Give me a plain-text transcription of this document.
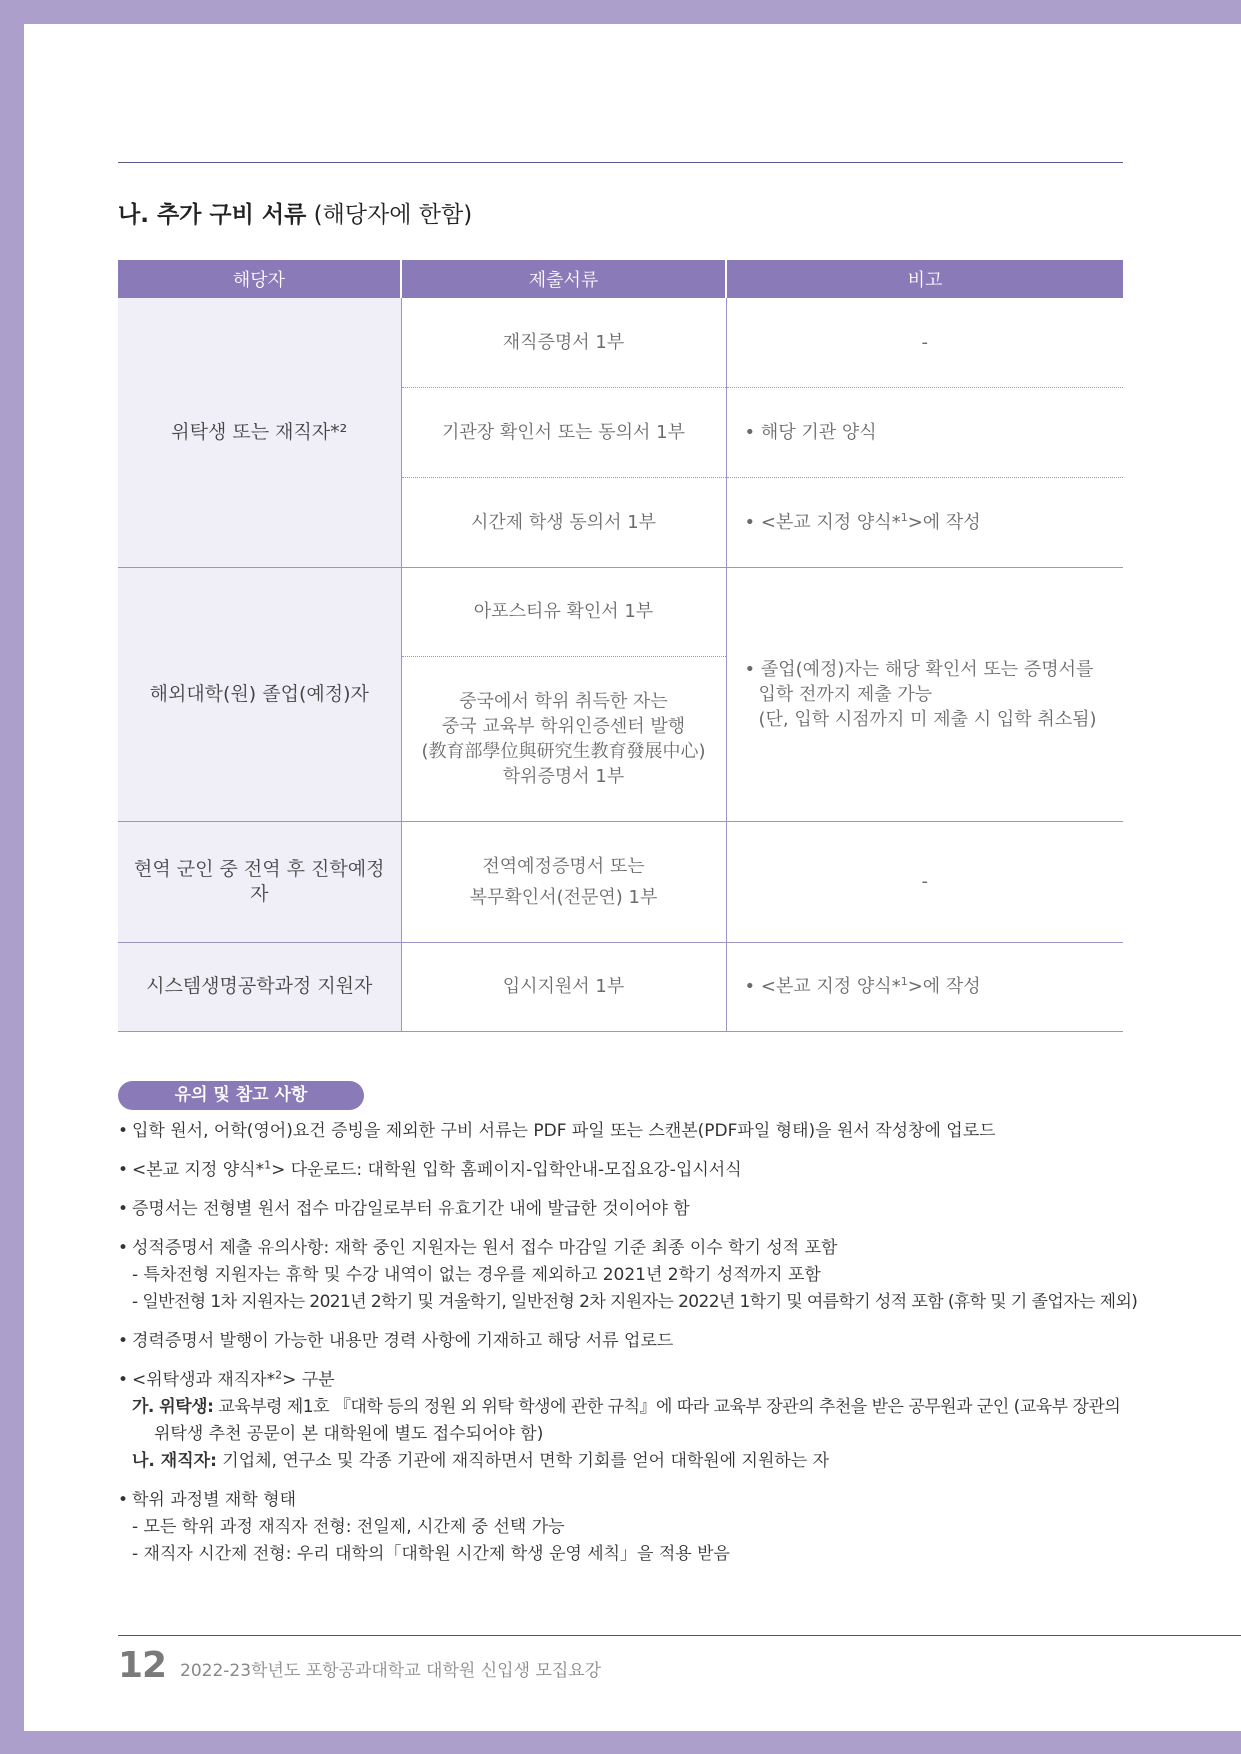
나. 추가 구비 서류 (해당자에 한함)
해당자	제출서류	비고
위탁생 또는 재직자*²	재직증명서 1부	-
	기관장 확인서 또는 동의서 1부	• 해당 기관 양식
	시간제 학생 동의서 1부	• <본교 지정 양식*$^1$>에 작성
해외대학(원) 졸업(예정)자	아포스티유 확인서 1부	• 졸업(예정)자는 해당 확인서 또는 증명서를
입학 전까지 제출 가능
(단, 입학 시점까지 미 제출 시 입학 취소됨)

	중국에서 학위 취득한 자는
중국 교육부 학위인증센터 발행
(教育部學位與研究生教育發展中心)
학위증명서 1부	

현역 군인 중 전역 후 진학예정자	전역예정증명서 또는
복무확인서(전문연) 1부	-
시스템생명공학과정 지원자	입시지원서 1부	• <본교 지정 양식*$^1$>에 작성
유의 및 참고 사항
• 입학 원서, 어학(영어)요건 증빙을 제외한 구비 서류는 PDF 파일 또는 스캔본(PDF파일 형태)을 원서 작성창에 업로드
• <본교 지정 양식*$^1$> 다운로드: 대학원 입학 홈페이지-입학안내-모집요강-입시서식
• 증명서는 전형별 원서 접수 마감일로부터 유효기간 내에 발급한 것이어야 함
• 성적증명서 제출 유의사항: 재학 중인 지원자는 원서 접수 마감일 기준 최종 이수 학기 성적 포함
- 특차전형 지원자는 휴학 및 수강 내역이 없는 경우를 제외하고 2021년 2학기 성적까지 포함
- 일반전형 1차 지원자는 2021년 2학기 및 겨울학기, 일반전형 2차 지원자는 2022년 1학기 및 여름학기 성적 포함 (휴학 및 기 졸업자는 제외)
• 경력증명서 발행이 가능한 내용만 경력 사항에 기재하고 해당 서류 업로드
• <위탁생과 재직자*$^2$> 구분
가. 위탁생: 교육부령 제1호 『대학 등의 정원 외 위탁 학생에 관한 규칙』에 따라 교육부 장관의 추천을 받은 공무원과 군인 (교육부 장관의
위탁생 추천 공문이 본 대학원에 별도 접수되어야 함)
나. 재직자: 기업체, 연구소 및 각종 기관에 재직하면서 면학 기회를 얻어 대학원에 지원하는 자
• 학위 과정별 재학 형태
- 모든 학위 과정 재직자 전형: 전일제, 시간제 중 선택 가능
- 재직자 시간제 전형: 우리 대학의「대학원 시간제 학생 운영 세칙」을 적용 받음
12 2022-23학년도 포항공과대학교 대학원 신입생 모집요강
